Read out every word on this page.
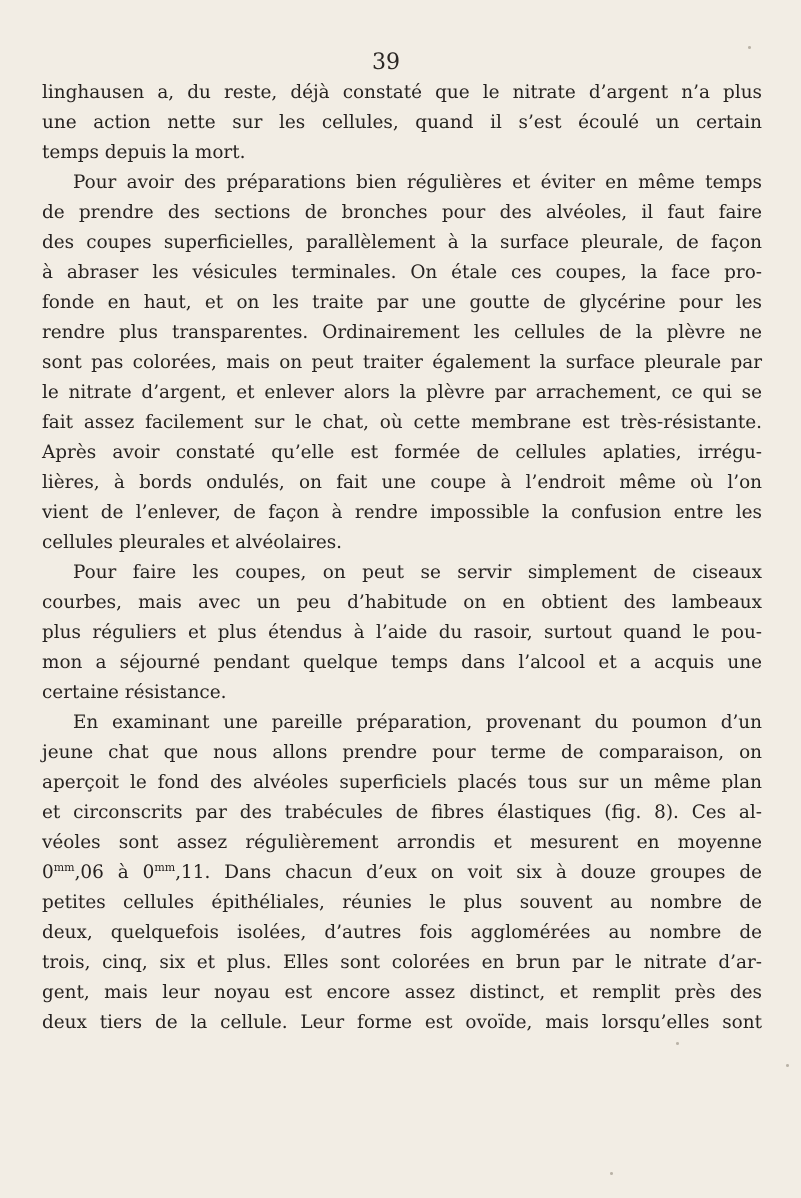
39
linghausen a, du reste, déjà constaté que le nitrate d’argent n’a plus
une action nette sur les cellules, quand il s’est écoulé un certain
temps depuis la mort.
Pour avoir des préparations bien régulières et éviter en même temps
de prendre des sections de bronches pour des alvéoles, il faut faire
des coupes superficielles, parallèlement à la surface pleurale, de façon
à abraser les vésicules terminales. On étale ces coupes, la face pro-
fonde en haut, et on les traite par une goutte de glycérine pour les
rendre plus transparentes. Ordinairement les cellules de la plèvre ne
sont pas colorées, mais on peut traiter également la surface pleurale par
le nitrate d’argent, et enlever alors la plèvre par arrachement, ce qui se
fait assez facilement sur le chat, où cette membrane est très-résistante.
Après avoir constaté qu’elle est formée de cellules aplaties, irrégu-
lières, à bords ondulés, on fait une coupe à l’endroit même où l’on
vient de l’enlever, de façon à rendre impossible la confusion entre les
cellules pleurales et alvéolaires.
Pour faire les coupes, on peut se servir simplement de ciseaux
courbes, mais avec un peu d’habitude on en obtient des lambeaux
plus réguliers et plus étendus à l’aide du rasoir, surtout quand le pou-
mon a séjourné pendant quelque temps dans l’alcool et a acquis une
certaine résistance.
En examinant une pareille préparation, provenant du poumon d’un
jeune chat que nous allons prendre pour terme de comparaison, on
aperçoit le fond des alvéoles superficiels placés tous sur un même plan
et circonscrits par des trabécules de fibres élastiques (fig. 8). Ces al-
véoles sont assez régulièrement arrondis et mesurent en moyenne
$0^{mm},06$ à $0^{mm},11$. Dans chacun d’eux on voit six à douze groupes de
petites cellules épithéliales, réunies le plus souvent au nombre de
deux, quelquefois isolées, d’autres fois agglomérées au nombre de
trois, cinq, six et plus. Elles sont colorées en brun par le nitrate d’ar-
gent, mais leur noyau est encore assez distinct, et remplit près des
deux tiers de la cellule. Leur forme est ovoïde, mais lorsqu’elles sont
